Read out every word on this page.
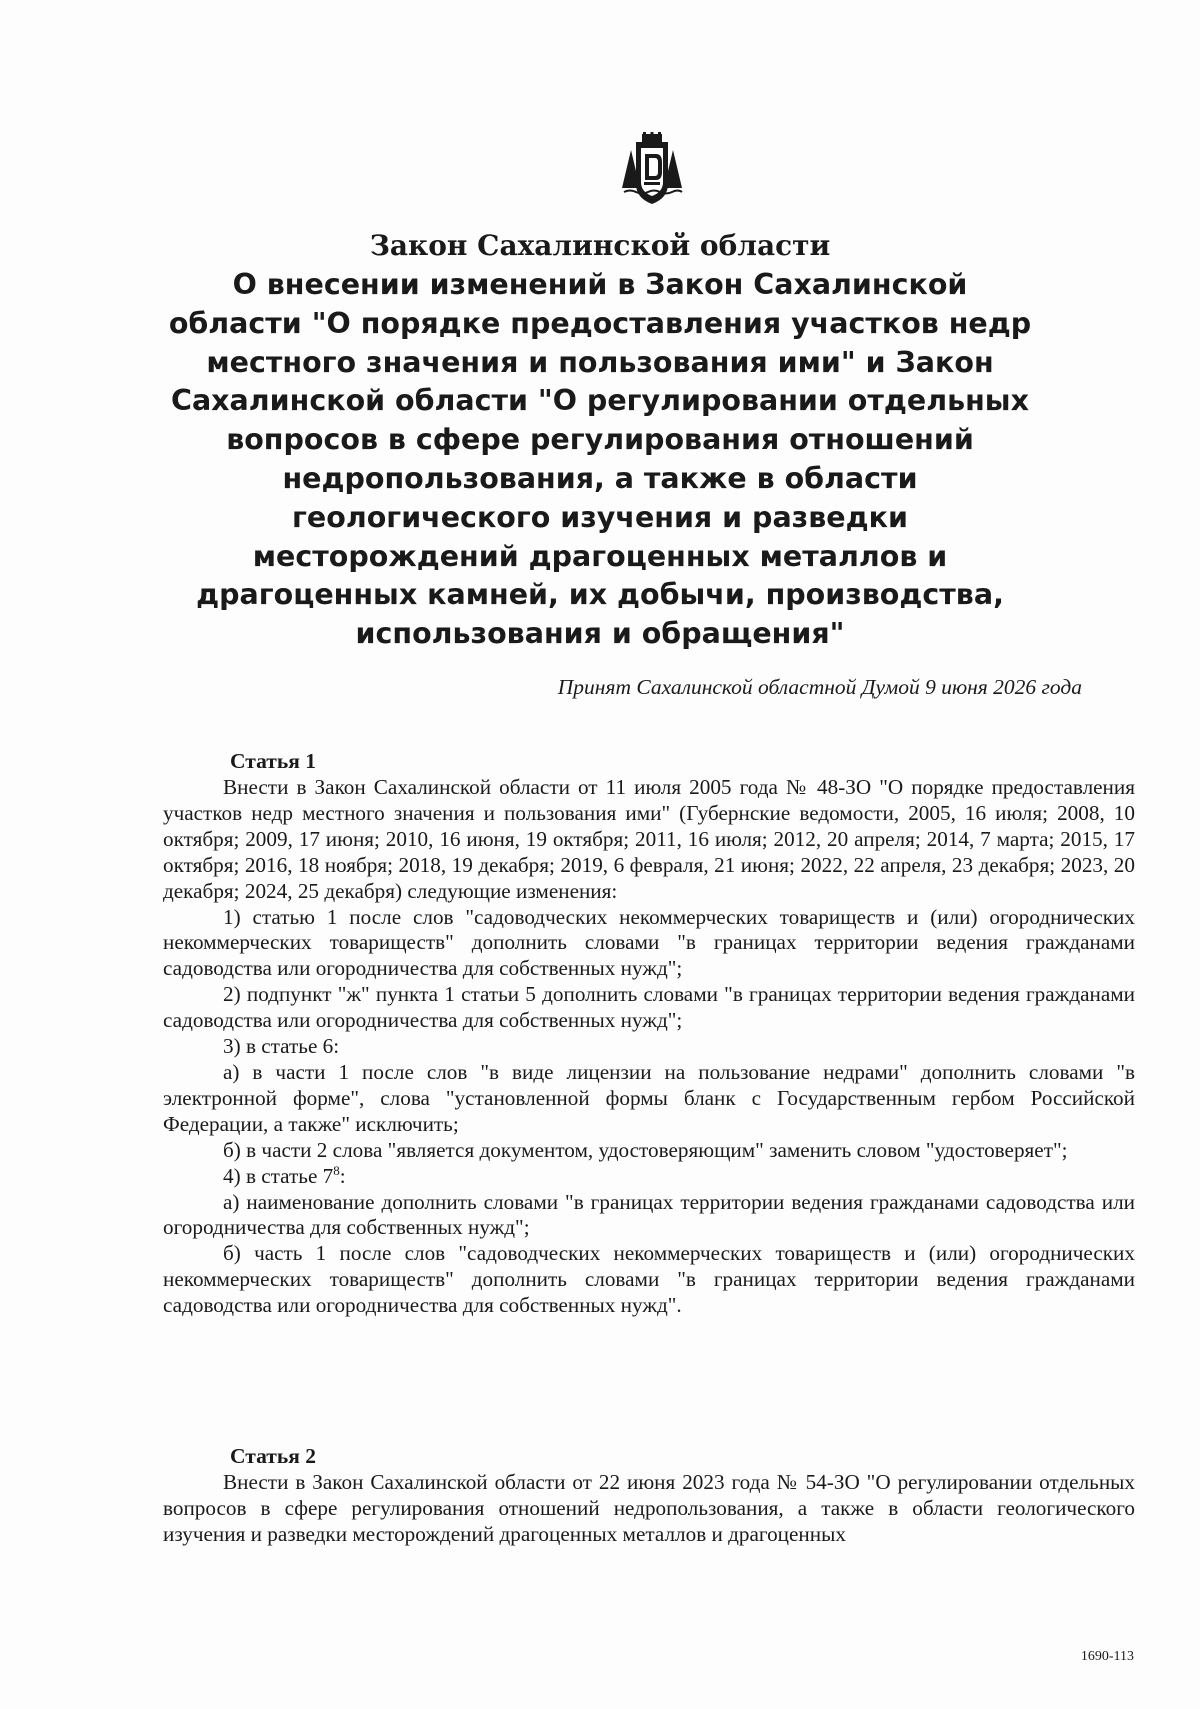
Закон Сахалинской области

О внесении изменений в Закон Сахалинской

области "О порядке предоставления участков недр

местного значения и пользования ими" и Закон

Сахалинской области "О регулировании отдельных

вопросов в сфере регулирования отношений

недропользования, а также в области

геологического изучения и разведки

месторождений драгоценных металлов и

драгоценных камней, их добычи, производства,

использования и обращения"

Принят Сахалинской областной Думой 9 июня 2026 года

Статья 1

Внести в Закон Сахалинской области от 11 июля 2005 года № 48-ЗО "О порядке предоставления участков недр местного значения и пользования ими" (Губернские ведомости, 2005, 16 июля; 2008, 10 октября; 2009, 17 июня; 2010, 16 июня, 19 октября; 2011, 16 июля; 2012, 20 апреля; 2014, 7 марта; 2015, 17 октября; 2016, 18 ноября; 2018, 19 декабря; 2019, 6 февраля, 21 июня; 2022, 22 апреля, 23 декабря; 2023, 20 декабря; 2024, 25 декабря) следующие изменения:

1) статью 1 после слов "садоводческих некоммерческих товариществ и (или) огороднических некоммерческих товариществ" дополнить словами "в границах территории ведения гражданами садоводства или огородничества для собственных нужд";

2) подпункт "ж" пункта 1 статьи 5 дополнить словами "в границах территории ведения гражданами садоводства или огородничества для собственных нужд";

3) в статье 6:

а) в части 1 после слов "в виде лицензии на пользование недрами" дополнить словами "в электронной форме", слова "установленной формы бланк с Государственным гербом Российской Федерации, а также" исключить;

б) в части 2 слова "является документом, удостоверяющим" заменить словом "удостоверяет";

4) в статье $7^8$:

а) наименование дополнить словами "в границах территории ведения гражданами садоводства или огородничества для собственных нужд";

б) часть 1 после слов "садоводческих некоммерческих товариществ и (или) огороднических некоммерческих товариществ" дополнить словами "в границах территории ведения гражданами садоводства или огородничества для собственных нужд".

Статья 2

Внести в Закон Сахалинской области от 22 июня 2023 года № 54-ЗО "О регулировании отдельных вопросов в сфере регулирования отношений недропользования, а также в области геологического изучения и разведки месторождений драгоценных металлов и драгоценных

1690-113
